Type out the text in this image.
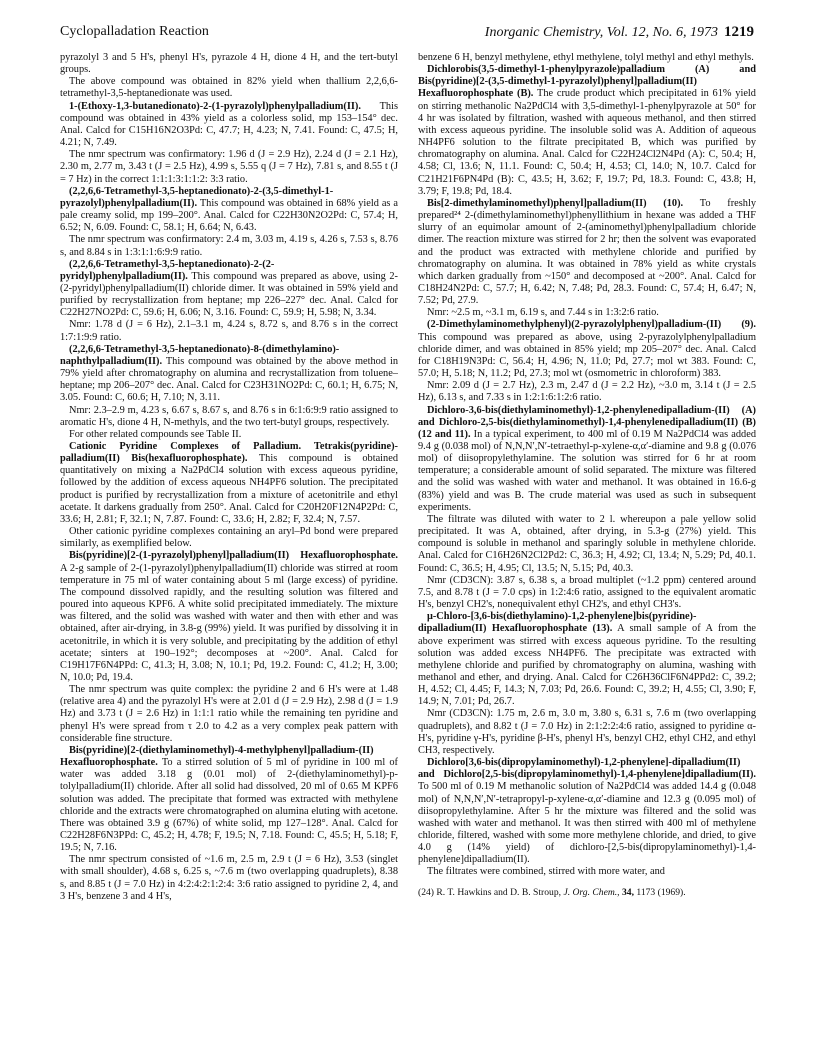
Cyclopalladation Reaction	Inorganic Chemistry, Vol. 12, No. 6, 1973 1219

pyrazolyl 3 and 5 H's, phenyl H's, pyrazole 4 H, dione 4 H, and the tert-butyl groups.

The above compound was obtained in 82% yield when thallium 2,2,6,6-tetramethyl-3,5-heptanedionate was used.

1-(Ethoxy-1,3-butanedionato)-2-(1-pyrazolyl)phenylpalladium(II). This compound was obtained in 43% yield as a colorless solid, mp 153–154° dec. Anal. Calcd for C15H16N2O3Pd: C, 47.7; H, 4.23; N, 7.41. Found: C, 47.5; H, 4.21; N, 7.49.

The nmr spectrum was confirmatory: 1.96 d (J = 2.9 Hz), 2.24 d (J = 2.1 Hz), 2.30 m, 2.77 m, 3.43 t (J = 2.5 Hz), 4.99 s, 5.55 q (J = 7 Hz), 7.81 s, and 8.55 t (J = 7 Hz) in the correct 1:1:1:3:1:1:2: 3:3 ratio.

(2,2,6,6-Tetramethyl-3,5-heptanedionato)-2-(3,5-dimethyl-1-pyrazolyl)phenylpalladium(II). This compound was obtained in 68% yield as a pale creamy solid, mp 199–200°. Anal. Calcd for C22H30N2O2Pd: C, 57.4; H, 6.52; N, 6.09. Found: C, 58.1; H, 6.64; N, 6.43.

The nmr spectrum was confirmatory: 2.4 m, 3.03 m, 4.19 s, 4.26 s, 7.53 s, 8.76 s, and 8.84 s in 1:3:1:1:6:9:9 ratio.

(2,2,6,6-Tetramethyl-3,5-heptanedionato)-2-(2-pyridyl)phenylpalladium(II). This compound was prepared as above, using 2-(2-pyridyl)phenylpalladium(II) chloride dimer. It was obtained in 59% yield and purified by recrystallization from heptane; mp 226–227° dec. Anal. Calcd for C22H27NO2Pd: C, 59.6; H, 6.06; N, 3.16. Found: C, 59.9; H, 5.98; N, 3.34.

Nmr: 1.78 d (J = 6 Hz), 2.1–3.1 m, 4.24 s, 8.72 s, and 8.76 s in the correct 1:7:1:9:9 ratio.

(2,2,6,6-Tetramethyl-3,5-heptanedionato)-8-(dimethylamino)-naphthylpalladium(II). This compound was obtained by the above method in 79% yield after chromatography on alumina and recrystallization from toluene–heptane; mp 206–207° dec. Anal. Calcd for C23H31NO2Pd: C, 60.1; H, 6.75; N, 3.05. Found: C, 60.6; H, 7.10; N, 3.11.

Nmr: 2.3–2.9 m, 4.23 s, 6.67 s, 8.67 s, and 8.76 s in 6:1:6:9:9 ratio assigned to aromatic H's, dione 4 H, N-methyls, and the two tert-butyl groups, respectively.

For other related compounds see Table II.

Cationic Pyridine Complexes of Palladium. Tetrakis(pyridine)-palladium(II) Bis(hexafluorophosphate). This compound is obtained quantitatively on mixing a Na2PdCl4 solution with excess aqueous pyridine, followed by the addition of excess aqueous NH4PF6 solution. The precipitated product is purified by recrystallization from a mixture of acetonitrile and ethyl acetate. It darkens gradually from 250°. Anal. Calcd for C20H20F12N4P2Pd: C, 33.6; H, 2.81; F, 32.1; N, 7.87. Found: C, 33.6; H, 2.82; F, 32.4; N, 7.57.

Other cationic pyridine complexes containing an aryl–Pd bond were prepared similarly, as exemplified below.

Bis(pyridine)[2-(1-pyrazolyl)phenyl]palladium(II) Hexafluorophosphate. A 2-g sample of 2-(1-pyrazolyl)phenylpalladium(II) chloride was stirred at room temperature in 75 ml of water containing about 5 ml (large excess) of pyridine. The compound dissolved rapidly, and the resulting solution was filtered and poured into aqueous KPF6. A white solid precipitated immediately. The mixture was filtered, and the solid was washed with water and then with ether and was obtained, after air-drying, in 3.8-g (99%) yield. It was purified by dissolving it in acetonitrile, in which it is very soluble, and precipitating by the addition of ethyl acetate; sinters at 190–192°; decomposes at ~200°. Anal. Calcd for C19H17F6N4PPd: C, 41.3; H, 3.08; N, 10.1; Pd, 19.2. Found: C, 41.2; H, 3.00; N, 10.0; Pd, 19.4.

The nmr spectrum was quite complex: the pyridine 2 and 6 H's were at 1.48 (relative area 4) and the pyrazolyl H's were at 2.01 d (J = 2.9 Hz), 2.98 d (J = 1.9 Hz) and 3.73 t (J = 2.6 Hz) in 1:1:1 ratio while the remaining ten pyridine and phenyl H's were spread from τ 2.0 to 4.2 as a very complex peak pattern with considerable fine structure.

Bis(pyridine)[2-(diethylaminomethyl)-4-methylphenyl]palladium-(II) Hexafluorophosphate. To a stirred solution of 5 ml of pyridine in 100 ml of water was added 3.18 g (0.01 mol) of 2-(diethylaminomethyl)-p-tolylpalladium(II) chloride. After all solid had dissolved, 20 ml of 0.65 M KPF6 solution was added. The precipitate that formed was extracted with methylene chloride and the extracts were chromatographed on alumina eluting with acetone. There was obtained 3.9 g (67%) of white solid, mp 127–128°. Anal. Calcd for C22H28F6N3PPd: C, 45.2; H, 4.78; F, 19.5; N, 7.18. Found: C, 45.5; H, 5.18; F, 19.5; N, 7.16.

The nmr spectrum consisted of ~1.6 m, 2.5 m, 2.9 t (J = 6 Hz), 3.53 (singlet with small shoulder), 4.68 s, 6.25 s, ~7.6 m (two overlapping quadruplets), 8.38 s, and 8.85 t (J = 7.0 Hz) in 4:2:4:2:1:2:4: 3:6 ratio assigned to pyridine 2, 4, and 3 H's, benzene 3 and 4 H's,

benzene 6 H, benzyl methylene, ethyl methylene, tolyl methyl and ethyl methyls.

Dichlorobis(3,5-dimethyl-1-phenylpyrazole)palladium (A) and Bis(pyridine)[2-(3,5-dimethyl-1-pyrazolyl)phenyl]palladium(II) Hexafluorophosphate (B). The crude product which precipitated in 61% yield on stirring methanolic Na2PdCl4 with 3,5-dimethyl-1-phenylpyrazole at 50° for 4 hr was isolated by filtration, washed with aqueous methanol, and then stirred with excess aqueous pyridine. The insoluble solid was A. Addition of aqueous NH4PF6 solution to the filtrate precipitated B, which was purified by chromatography on alumina. Anal. Calcd for C22H24Cl2N4Pd (A): C, 50.4; H, 4.58; Cl, 13.6; N, 11.1. Found: C, 50.4; H, 4.53; Cl, 14.0; N, 10.7. Calcd for C21H21F6PN4Pd (B): C, 43.5; H, 3.62; F, 19.7; Pd, 18.3. Found: C, 43.8; H, 3.79; F, 19.8; Pd, 18.4.

Bis[2-dimethylaminomethyl)phenyl]palladium(II) (10). To freshly prepared²⁴ 2-(dimethylaminomethyl)phenyllithium in hexane was added a THF slurry of an equimolar amount of 2-(aminomethyl)phenylpalladium chloride dimer. The reaction mixture was stirred for 2 hr; then the solvent was evaporated and the product was extracted with methylene chloride and purified by chromatography on alumina. It was obtained in 78% yield as white crystals which darken gradually from ~150° and decomposed at ~200°. Anal. Calcd for C18H24N2Pd: C, 57.7; H, 6.42; N, 7.48; Pd, 28.3. Found: C, 57.4; H, 6.47; N, 7.52; Pd, 27.9.

Nmr: ~2.5 m, ~3.1 m, 6.19 s, and 7.44 s in 1:3:2:6 ratio.

(2-Dimethylaminomethylphenyl)(2-pyrazolylphenyl)palladium-(II) (9). This compound was prepared as above, using 2-pyrazolylphenylpalladium chloride dimer, and was obtained in 85% yield; mp 205–207° dec. Anal. Calcd for C18H19N3Pd: C, 56.4; H, 4.96; N, 11.0; Pd, 27.7; mol wt 383. Found: C, 57.0; H, 5.18; N, 11.2; Pd, 27.3; mol wt (osmometric in chloroform) 383.

Nmr: 2.09 d (J = 2.7 Hz), 2.3 m, 2.47 d (J = 2.2 Hz), ~3.0 m, 3.14 t (J = 2.5 Hz), 6.13 s, and 7.33 s in 1:2:1:6:1:2:6 ratio.

Dichloro-3,6-bis(diethylaminomethyl)-1,2-phenylenedipalladium-(II) (A) and Dichloro-2,5-bis(diethylaminomethyl)-1,4-phenylenedipalladium(II) (B) (12 and 11). In a typical experiment, to 400 ml of 0.19 M Na2PdCl4 was added 9.4 g (0.038 mol) of N,N,N′,N′-tetraethyl-p-xylene-α,α′-diamine and 9.8 g (0.076 mol) of diisopropylethylamine. The solution was stirred for 6 hr at room temperature; a considerable amount of solid separated. The mixture was filtered and the solid was washed with water and methanol. It was obtained in 16.6-g (83%) yield and was B. The crude material was used as such in subsequent experiments.

The filtrate was diluted with water to 2 l. whereupon a pale yellow solid precipitated. It was A, obtained, after drying, in 5.3-g (27%) yield. This compound is soluble in methanol and sparingly soluble in methylene chloride. Anal. Calcd for C16H26N2Cl2Pd2: C, 36.3; H, 4.92; Cl, 13.4; N, 5.29; Pd, 40.1. Found: C, 36.5; H, 4.95; Cl, 13.5; N, 5.15; Pd, 40.3.

Nmr (CD3CN): 3.87 s, 6.38 s, a broad multiplet (~1.2 ppm) centered around 7.5, and 8.78 t (J = 7.0 cps) in 1:2:4:6 ratio, assigned to the equivalent aromatic H's, benzyl CH2's, nonequivalent ethyl CH2's, and ethyl CH3's.

μ-Chloro-[3,6-bis(diethylamino)-1,2-phenylene]bis(pyridine)-dipalladium(II) Hexafluorophosphate (13). A small sample of A from the above experiment was stirred with excess aqueous pyridine. To the resulting solution was added excess NH4PF6. The precipitate was extracted with methylene chloride and purified by chromatography on alumina, washing with methanol and ether, and drying. Anal. Calcd for C26H36ClF6N4PPd2: C, 39.2; H, 4.52; Cl, 4.45; F, 14.3; N, 7.03; Pd, 26.6. Found: C, 39.2; H, 4.55; Cl, 3.90; F, 14.9; N, 7.01; Pd, 26.7.

Nmr (CD3CN): 1.75 m, 2.6 m, 3.0 m, 3.80 s, 6.31 s, 7.6 m (two overlapping quadruplets), and 8.82 t (J = 7.0 Hz) in 2:1:2:2:4:6 ratio, assigned to pyridine α-H's, pyridine γ-H's, pyridine β-H's, phenyl H's, benzyl CH2, ethyl CH2, and ethyl CH3, respectively.

Dichloro[3,6-bis(dipropylaminomethyl)-1,2-phenylene]-dipalladium(II) and Dichloro[2,5-bis(dipropylaminomethyl)-1,4-phenylene]dipalladium(II). To 500 ml of 0.19 M methanolic solution of Na2PdCl4 was added 14.4 g (0.048 mol) of N,N,N′,N′-tetrapropyl-p-xylene-α,α′-diamine and 12.3 g (0.095 mol) of diisopropylethylamine. After 5 hr the mixture was filtered and the solid was washed with water and methanol. It was then stirred with 400 ml of methylene chloride, filtered, washed with some more methylene chloride, and dried, to give 4.0 g (14% yield) of dichloro-[2,5-bis(dipropylaminomethyl)-1,4-phenylene]dipalladium(II).

The filtrates were combined, stirred with more water, and

(24) R. T. Hawkins and D. B. Stroup, J. Org. Chem., 34, 1173 (1969).
